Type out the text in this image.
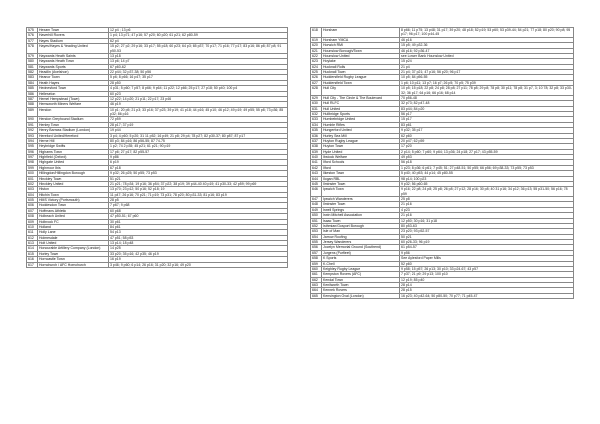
575	Hexam Town	12 p4 ; 13 p6
576	Haverhill Rovers	1 p4; 13 p71; 47 p16; 57 p20; 60 p20; 61 p21; 62 p80-59
577	Hayes Stadium	62 p4
578	Hayes/Hayes & Yeading United	15 p2; 27 p2; 29 p16; 33 p17; 55 p18; 60 p23; 64 p3; 65 p37; 70 p17; 71 p16; 77 p17; 83 p16; 86 p8; 87 p8; 91 p50-53
579	Haywards Heath Saints	13 p18
580	Haywards Heath Town	13 p6; 14 p7
581	Haywards Sports	67 p60-62
582	Headlin (Avelshon)	22 p44; 32 p37-38; 50 p56
583	Heanor Town	5 p6; 8 p66; 16 p47; 35 p17
584	Heath Hayes	28 p50
585	Hednesford Town	4 p31; 5 p60; 7 p57; 8 p66; 9 p64; 11 p22; 12 p66; 25 p17; 27 p18; 50 p40; 100 p4
586	Helleselon	60 p23
587	Hemel Hempstead (Town)	12 p22; 14 p20; 21 p11; 22 p17; 23 p46
588	Hemsworth Miners Welfare	46 p19
589	Hendon	10 p1; 20 p5; 21 p3; 33 p16; 37 p23; 39 p19; 41 p18; 44 p16; 45 p10; 46 p12; 49 p19; 49 p55; 55 p8; 73 p36; 85 p32; 86 p16
590	Hendon Greyhound Stadium	72 p59
591	Henley Town	28 p17; 37 p19
592	Henry Barrass Stadium (London)	19 p44
593	Hereford United/Hereford	3 p4; 4 p60; 5 p20; 31 11 p52; 16 p49; 21 p8; 29 p4; 78 p27; 82 p30-37; 80 p87; 87 p17
594	Herne Hill	80 p3; 84 p16; 86 p56-55; 87 74-75
595	Heybridge Swifts	1 p2; 74 2 p35; 45 p21; 61 p21; 90 p19
596	Highams Town	17 p6; 27 p17; 82 p55-57
597	Highfield (Oxford)	9 p86
598	Highgate United	6 p19
599	Highmoor Ibis	67 p18
600	Hillingdon/Hillingdon Borough	9 p32; 26 p25; 50 p55; 73 p53
601	Hinckley Town	51 p21
602	Hinckley United	21 p21; 78 p34; 19 p16; 36 p54; 37 p22; 38 p19; 39 p44-40 40 p19; 41 p30-33; 42 p59; 99 p69
603	Histon	13 p70; 23 p12; 50 p16; 52 p18; 19
604	Hitchin Town	11 p47; 26 p16; 70 p21; 71 p19; 73 p31; 78 p20; 80 p31-33; 81 p16; 83 p19
605	HMS Victory (Portsmouth)	28 p5
606	Hoddesdon Town	7 p67; 9 p68
607	Hoffmans Athletic	60 p68
608	Holbeach United	47 p50-51; 67 p60
609	Holbrook FC	30 p61
610	Holland	84 p61
611	Holly Lane	54 p13
612	Holmesdale	47 p51; 58 p53
613	Holt United	13 p14; 18 p48
614	Honourable Artillery Company (London)	14 p25
615	Horley Town	33 p20; 35 p16; 42 p35; 46 p19
616	Horncastle Town	16 p19
617	Hornchurch / AFC Hornchurch	3 p46; 9 p60; 6 p14; 26 p16; 31 p20; 32 p16; 49 p20
618	Horsham	8 p66; 11 p75; 13 p48; 31 p17; 39 p20; 48 p18; 52 p19; 53 p60; 53 p39-44; 54 p21; 77 p18; 80 p20; 90 p8; 95 p17; 96 p17; 100 p44-45
619	Horsham YMCA	46 p16
620	Horwich RMI	15 p5; 49 p32-36
621	Hounslow Borough/Town	46 p16; 92 p36-47
622	Hounslow United	see Lower Bank Hounslow United
623	Hoylake	15 p24
624	Hucknall Rolls	21 p4
625	Hucknall Town	21 p4; 37 p21; 47 p16; 56 p20; 96 p17
626	Huddersfield Rugby League	10 p5; 84 p56-55
627	Huddersfield Town	1 p6; 10 p11; 13 p7; 16 p7; 26 p5; 70 p5; 75 p39
628	Hull City	10 p5; 15 p18; 22 p8; 24 p8; 28 p8; 27 p11; 78 p8; 29 p8; 78 p8; 30 p11; 78 p8; 31 p7, 3; 10 78; 32 p8; 33 p30-32; 36 p17; 64 p16; 66 p16; 68 p14
629	Hull City - The Circle & The Boulevard	70 p56-48
630	Hull RLFC	32 p73; 82 p47-48
631	Hull United	83 p44; 84 p20
632	Hullbridge Sports	56 p17
633	Humbebridge United	15 p17
634	Humble Rifles	83 p61
635	Hungerford United	9 p32; 35 p17
636	Hurley Sea Mill	62 p60
637	Huyton Rugby League	20 p47; 62 p59
638	Huyton Town	17 p20
639	Hyde United	2 p14; 5 p60; 7 p60; 9 p64; 13 p36; 24 p18; 27 p17; 43 p55-59
640	Ibstock Welfare	49 p53
641	Ilford Schools	56 p18
642	Ilford	1 p23; 8 p36; 6 p61; 7 p45; 51; 27 p48-51; 50 p55; 66 p56; 69 p38-33; 73 p55; 73 p53
643	Ilkeston Town	5 p40; 40 p53; 44 p14; 45 p80-55
644	Ilogan RBL	98 p14; 100 p23
645	Ilminster Town	9 p32; 56 p60-65
646	Ipswich Town	9 p16; 22 p8; 24 p8; 25 p8; 26 p8; 27 p12; 28 p16; 30 p8; 40 31 p16; 34 p12; 36 p13; 55 p31-50; 56 p16; 78 p59
647	Ipswich Wanderers	25 p8
648	Ilminster Town	21 p16
649	Irwell Springs	4 p23
650	Irwin Mitchell Association	21 p16
651	Isaac Town	12 p50; 30 p16; 31 p18
652	Isthmian/Gosport Borough	80 p53-63
653	Isle of Man	23 p20; 93 p52-57
654	Jarrow Roofing	50 p21
655	Jersey Wanderers	60 p26-33; 96 p19
656	Jocelyn Memorial Ground (Southend)	61 p54-57
657	Jurgens (Purfleet)	9 p56
658	K Sports	See Aylesford Paper Mills
659	K-Chell	52 p60
660	Keighley Rugby League	9 p58; 15 p57; 26 p13; 30 p10; 33 p24-67; 43 p57
661	Kempston Rovers (AFC)	7 p37; 21 p9; 29 p13; 100 p10
662	Kendal Town	12 p19; 85 p40
663	Kenilworth Town	28 p14
664	Kennek Rovers	28 p15
665	Kensington Oval (London)	16 p23; 40 p42-64; 50 p80-50; 70 p77; 71 p45-47
